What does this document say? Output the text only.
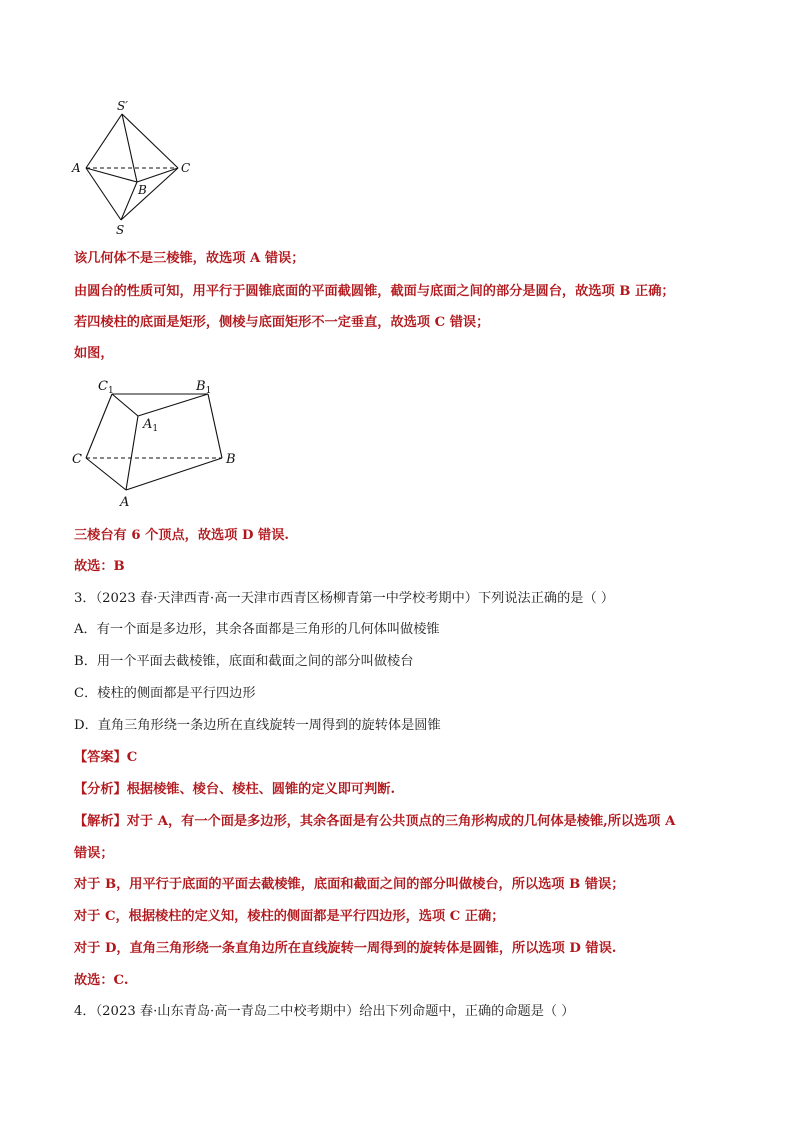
S′
A	C
B
S
该几何体不是三棱锥，故选项 A 错误；
由圆台的性质可知，用平行于圆锥底面的平面截圆锥，截面与底面之间的部分是圆台，故选项 B 正确；
若四棱柱的底面是矩形，侧棱与底面矩形不一定垂直，故选项 C 错误；
如图，
$C_1$	$B_1$
$A_1$
C	B
A
三棱台有 6 个顶点，故选项 D 错误.
故选：B
3．（2023 春·天津西青·高一天津市西青区杨柳青第一中学校考期中）下列说法正确的是（ ）
A．有一个面是多边形，其余各面都是三角形的几何体叫做棱锥
B．用一个平面去截棱锥，底面和截面之间的部分叫做棱台
C．棱柱的侧面都是平行四边形
D．直角三角形绕一条边所在直线旋转一周得到的旋转体是圆锥
【答案】C
【分析】根据棱锥、棱台、棱柱、圆锥的定义即可判断.
【解析】对于 A，有一个面是多边形，其余各面是有公共顶点的三角形构成的几何体是棱锥,所以选项 A
错误；
对于 B，用平行于底面的平面去截棱锥，底面和截面之间的部分叫做棱台，所以选项 B 错误；
对于 C，根据棱柱的定义知，棱柱的侧面都是平行四边形，选项 C 正确；
对于 D，直角三角形绕一条直角边所在直线旋转一周得到的旋转体是圆锥，所以选项 D 错误.
故选：C.
4．（2023 春·山东青岛·高一青岛二中校考期中）给出下列命题中，正确的命题是（ ）
